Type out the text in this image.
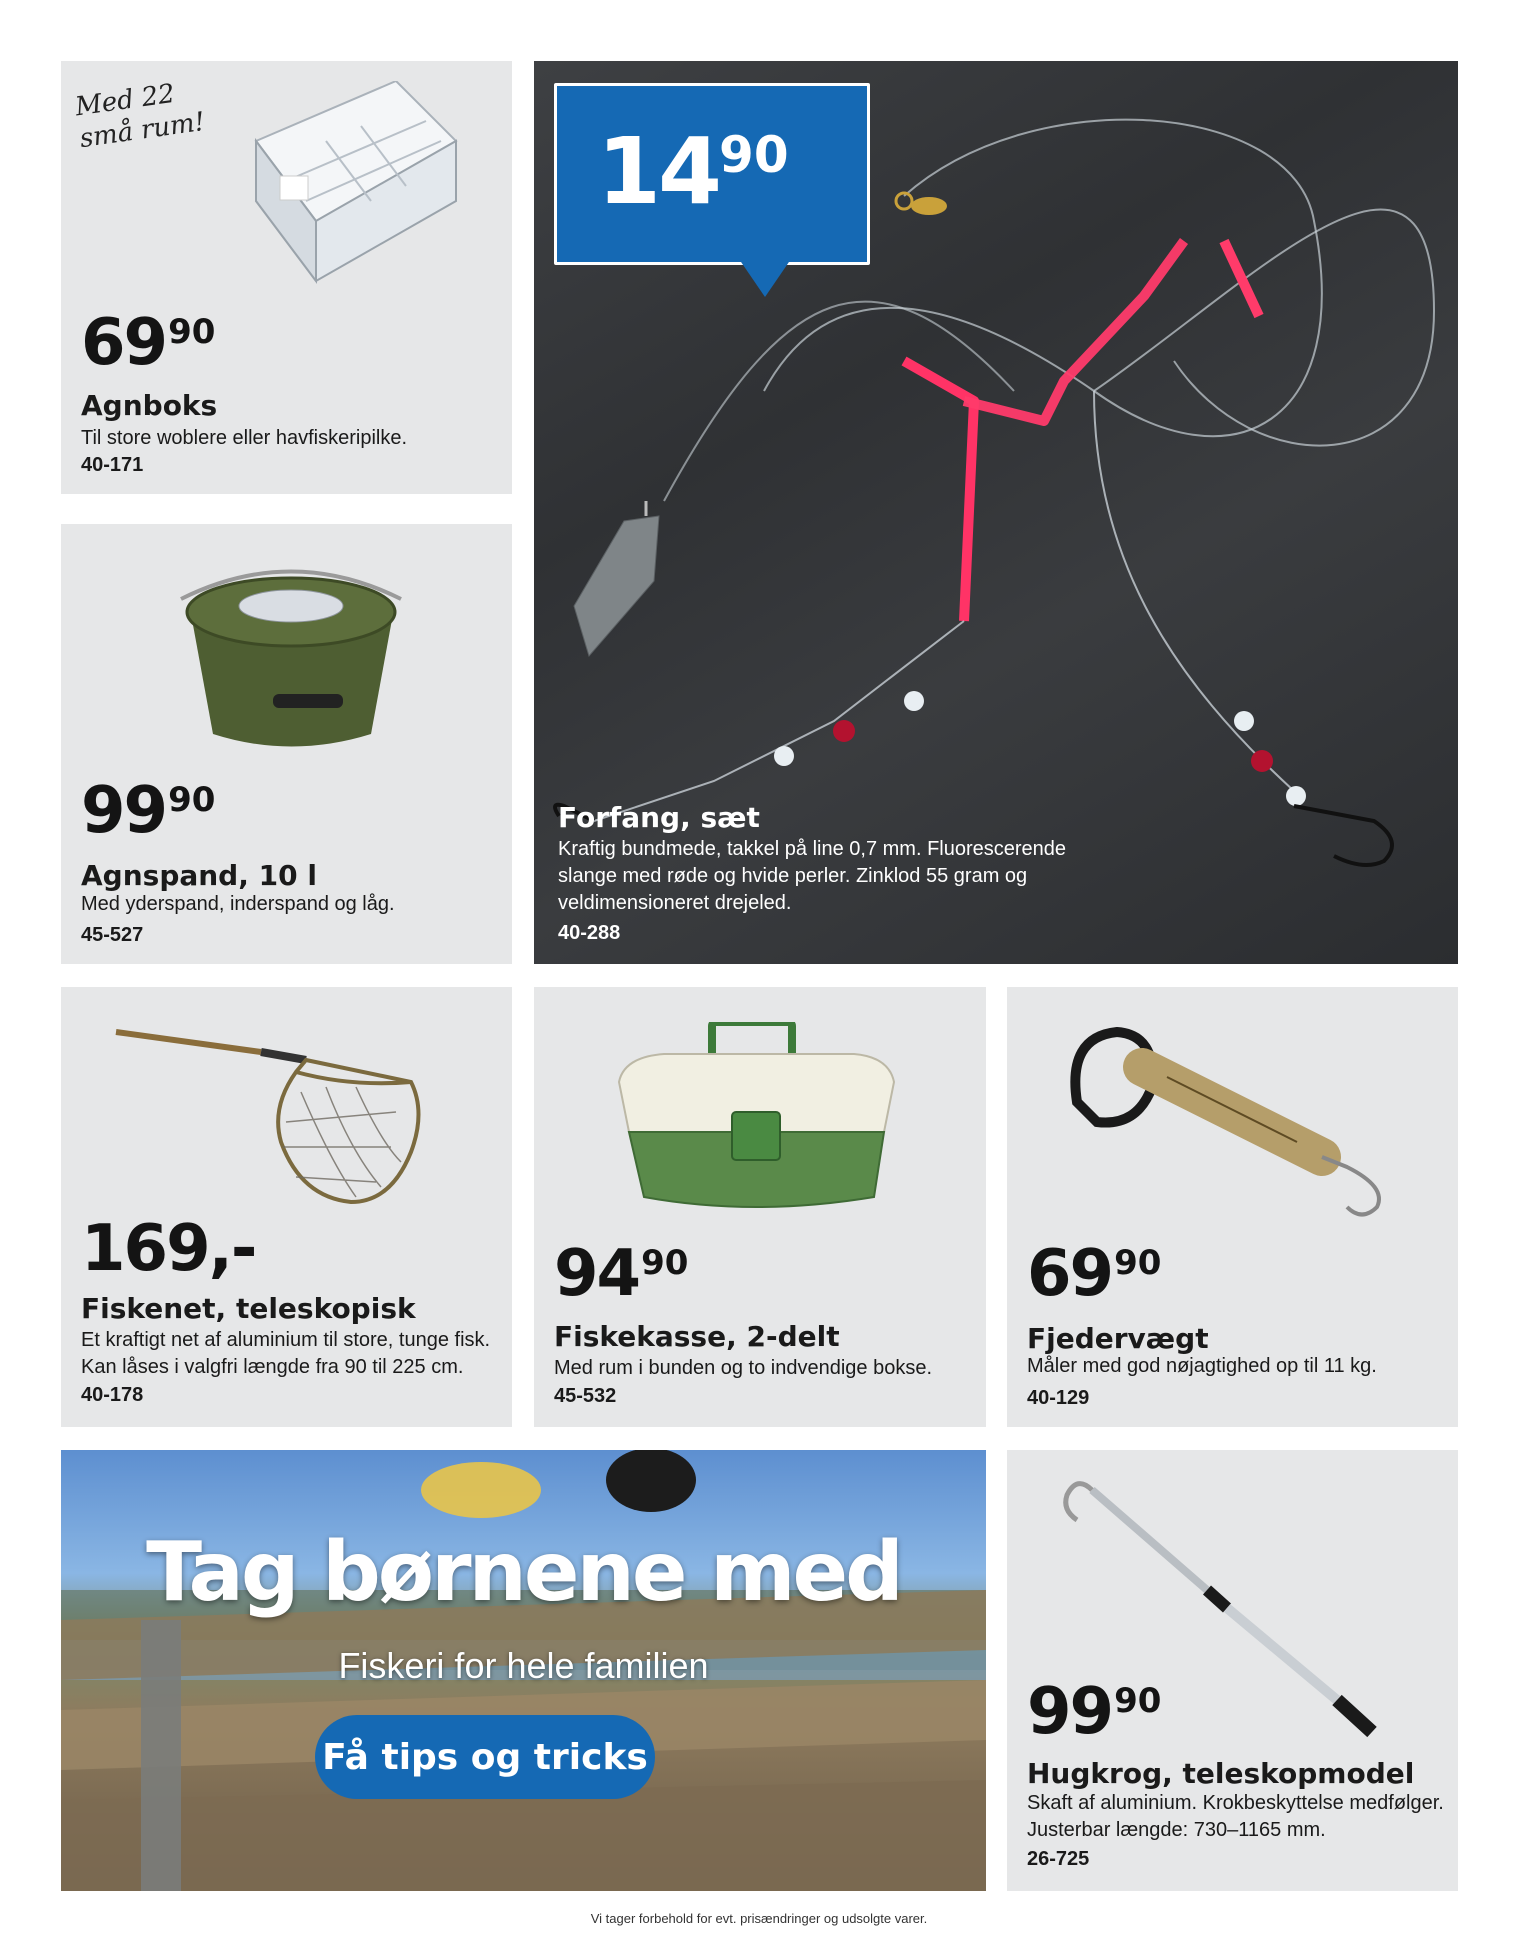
Med 22 små rum!
$69^{90}$
Agnboks
Til store woblere eller havfiskeripilke.
40-171
$99^{90}$
Agnspand, 10 l
Med yderspand, inderspand og låg.
45-527
$14^{90}$
Forfang, sæt
Kraftig bundmede, takkel på line 0,7 mm. Fluorescerende slange med røde og hvide perler. Zinklod 55 gram og veldimensioneret drejeled.
40-288
169,-
Fiskenet, teleskopisk
Et kraftigt net af aluminium til store, tunge fisk. Kan låses i valgfri længde fra 90 til 225 cm.
40-178
$94^{90}$
Fiskekasse, 2-delt
Med rum i bunden og to indvendige bokse.
45-532
$69^{90}$
Fjedervægt
Måler med god nøjagtighed op til 11 kg.
40-129
Tag børnene med
Fiskeri for hele familien
Få tips og tricks
$99^{90}$
Hugkrog, teleskopmodel
Skaft af aluminium. Krokbeskyttelse medfølger. Justerbar længde: 730–1165 mm.
26-725
Vi tager forbehold for evt. prisændringer og udsolgte varer.
